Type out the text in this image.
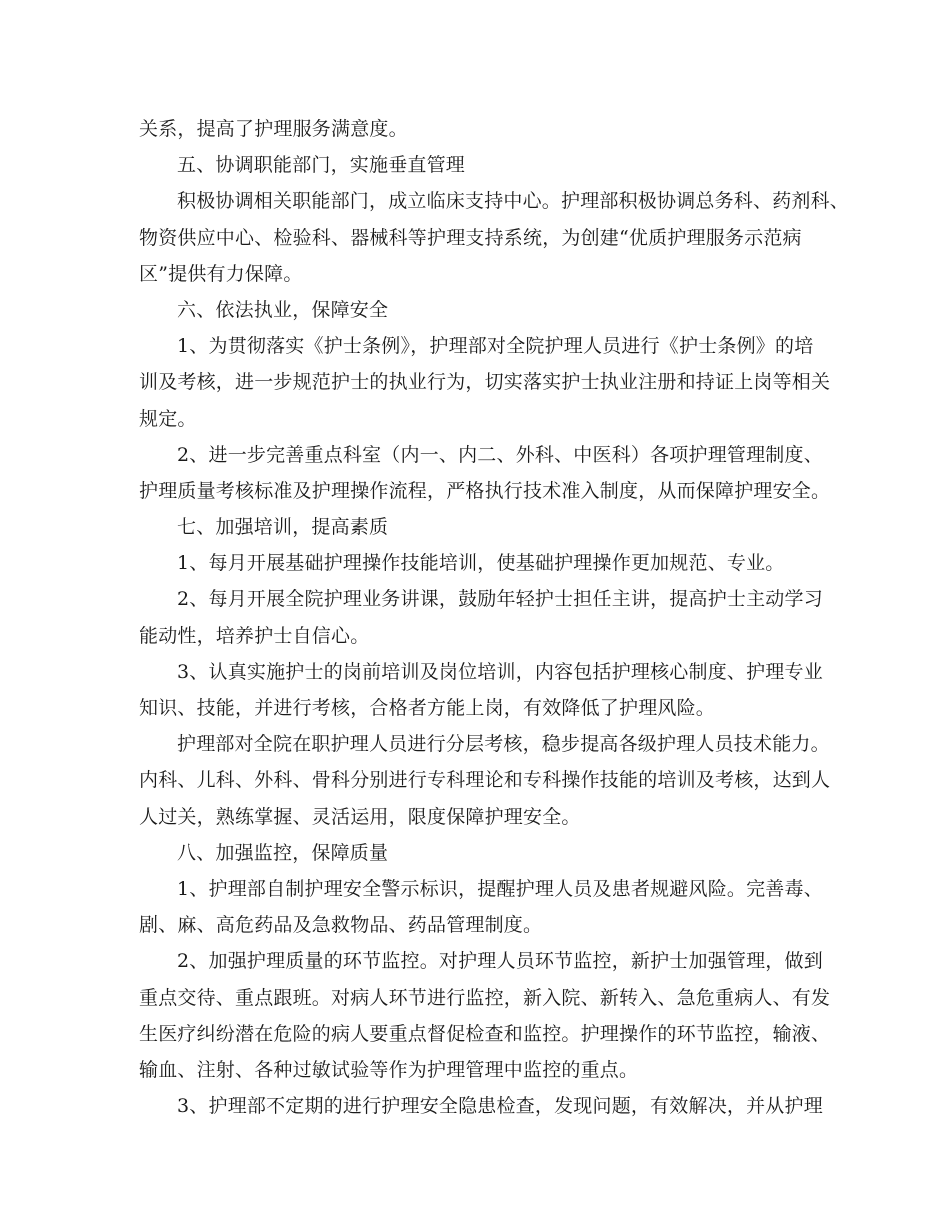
关系，提高了护理服务满意度。
五、协调职能部门，实施垂直管理
积极协调相关职能部门，成立临床支持中心。护理部积极协调总务科、药剂科、
物资供应中心、检验科、器械科等护理支持系统，为创建“优质护理服务示范病
区”提供有力保障。
六、依法执业，保障安全
1、为贯彻落实《护士条例》，护理部对全院护理人员进行《护士条例》的培
训及考核，进一步规范护士的执业行为，切实落实护士执业注册和持证上岗等相关
规定。
2、进一步完善重点科室（内一、内二、外科、中医科）各项护理管理制度、
护理质量考核标准及护理操作流程，严格执行技术准入制度，从而保障护理安全。
七、加强培训，提高素质
1、每月开展基础护理操作技能培训，使基础护理操作更加规范、专业。
2、每月开展全院护理业务讲课，鼓励年轻护士担任主讲，提高护士主动学习
能动性，培养护士自信心。
3、认真实施护士的岗前培训及岗位培训，内容包括护理核心制度、护理专业
知识、技能，并进行考核，合格者方能上岗，有效降低了护理风险。
护理部对全院在职护理人员进行分层考核，稳步提高各级护理人员技术能力。
内科、儿科、外科、骨科分别进行专科理论和专科操作技能的培训及考核，达到人
人过关，熟练掌握、灵活运用，限度保障护理安全。
八、加强监控，保障质量
1、护理部自制护理安全警示标识，提醒护理人员及患者规避风险。完善毒、
剧、麻、高危药品及急救物品、药品管理制度。
2、加强护理质量的环节监控。对护理人员环节监控，新护士加强管理，做到
重点交待、重点跟班。对病人环节进行监控，新入院、新转入、急危重病人、有发
生医疗纠纷潜在危险的病人要重点督促检查和监控。护理操作的环节监控，输液、
输血、注射、各种过敏试验等作为护理管理中监控的重点。
3、护理部不定期的进行护理安全隐患检查，发现问题，有效解决，并从护理
